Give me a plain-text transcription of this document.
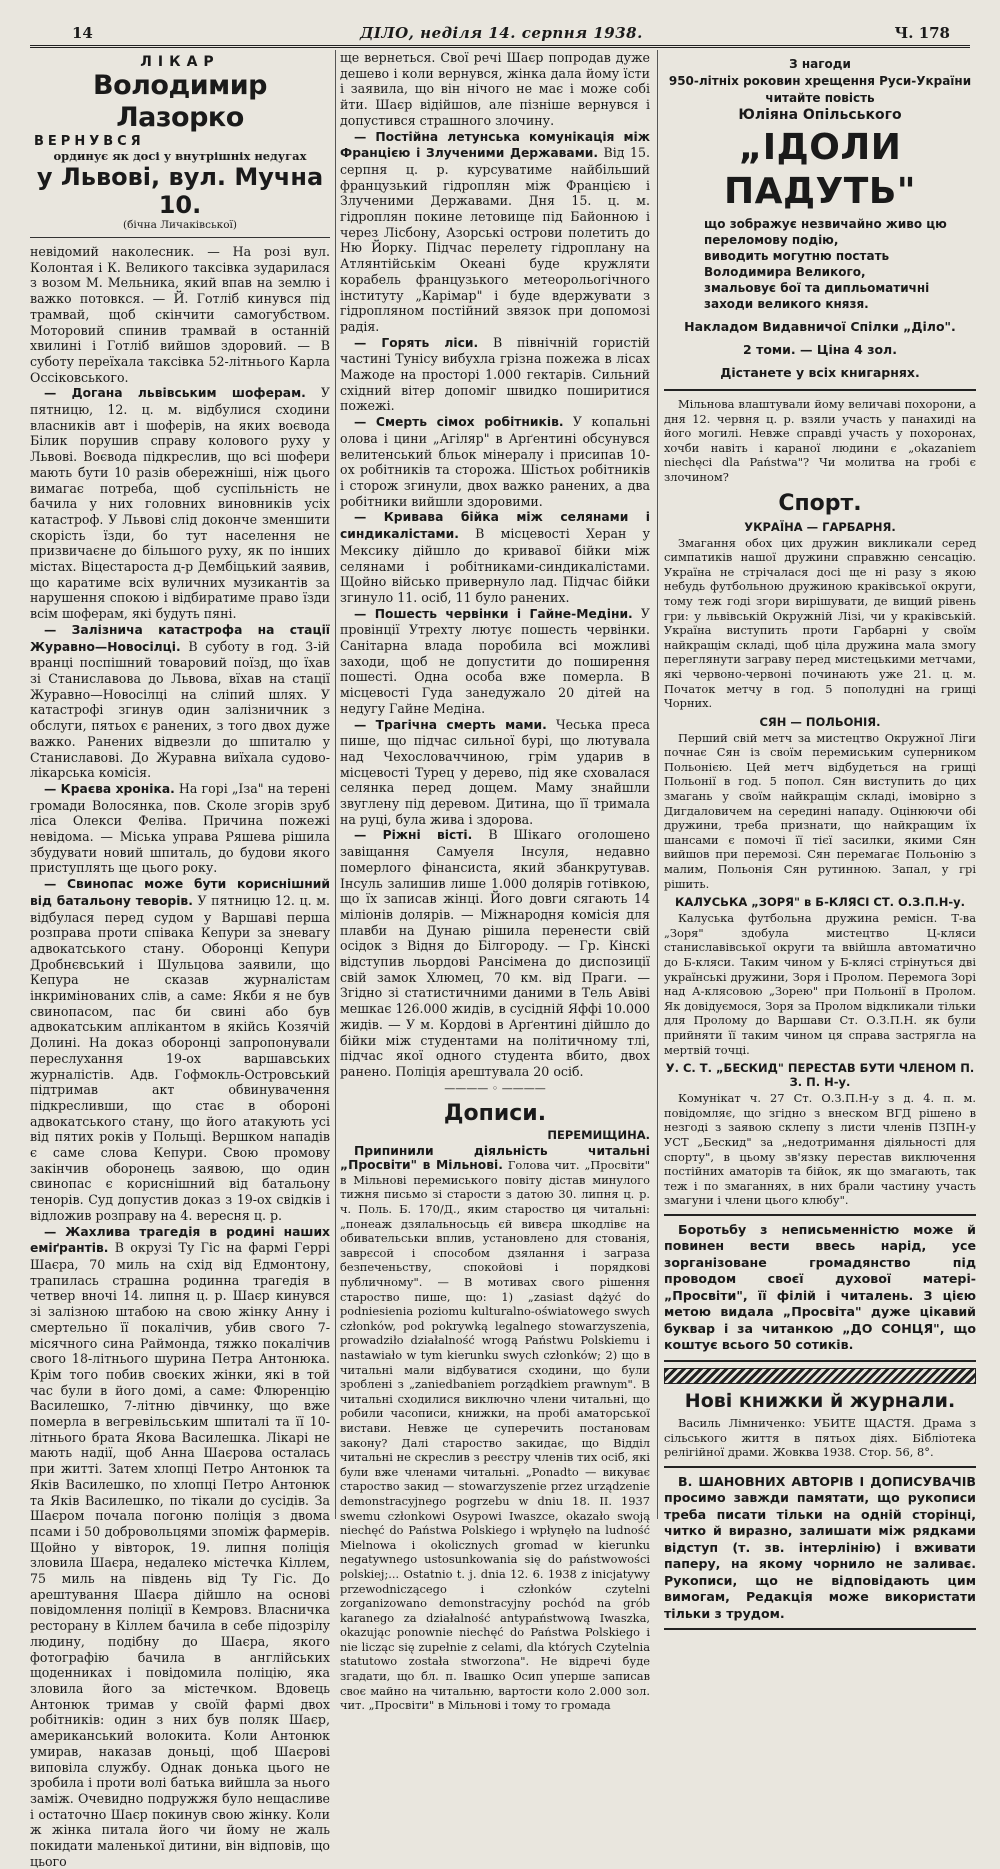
14	ДІЛО, неділя 14. серпня 1938.	Ч. 178
ЛІКАР
Володимир Лазорко
ВЕРНУВСЯ
ординує як досі у внутрішніх недугах
у Львові, вул. Мучна 10.
(бічна Личаківської)

невідомий наколесник. — На розі вул. Колонтая і К. Великого таксівка зударилася з возом М. Мельника, який впав на землю і важко потовкся. — Й. Готліб кинувся під трамвай, щоб скінчити самогубством. Моторовий спинив трамвай в останній хвилині і Готліб вийшов здоровий. — В суботу переїхала таксівка 52-літнього Карла Оссіковського.

— Догана львівським шоферам. У пятницю, 12. ц. м. відбулися сходини власників авт і шоферів, на яких воєвода Білик порушив справу колового руху у Львові. Воєвода підкреслив, що всі шофери мають бути 10 разів обережніші, ніж цього вимагає потреба, щоб суспільність не бачила у них головних виновників усіх катастроф. У Львові слід доконче зменшити скорість їзди, бо тут населення не призвичаєне до більшого руху, як по інших містах. Віцестароста д-р Дембіцький заявив, що каратиме всіх вуличних музикантів за нарушення спокою і відбиратиме право їзди всім шоферам, які будуть пяні.

— Залізнича катастрофа на стації Журавно—Новосілці. В суботу в год. 3-ій вранці поспішний товаровий поїзд, що їхав зі Станиславова до Львова, вїхав на стації Журавно—Новосілці на сліпий шлях. У катастрофі згинув один залізничник з обслуги, пятьох є ранених, з того двох дуже важко. Ранених відвезли до шпиталю у Станиславові. До Журавна виїхала судово-лікарська комісія.

— Краєва хроніка. На горі „Іза" на терені громади Волосянка, пов. Сколе згорів зруб ліса Олекси Феліва. Причина пожежі невідома. — Міська управа Ряшева рішила збудувати новий шпиталь, до будови якого приступлять ще цього року.

— Свинопас може бути кориснішний від батальону теворів. У пятницю 12. ц. м. відбулася перед судом у Варшаві перша розправа проти співака Кепури за зневагу адвокатського стану. Оборонці Кепури Дробнєвський і Шульцова заявили, що Кепура не сказав журналістам інкримінованих слів, а саме: Якби я не був свинопасом, пас би свині або був адвокатським аплікантом в якійсь Козячій Долині. На доказ оборонці запропонували переслухання 19-ох варшавських журналістів. Адв. Гофмокль-Островський підтримав акт обвинувачення підкресливши, що стає в обороні адвокатського стану, що його атакують усі від пятих років у Польщі. Вершком нападів є саме слова Кепури. Свою промову закінчив оборонець заявою, що один свинопас є кориснішний від батальону тенорів. Суд допустив доказ з 19-ох свідків і відложив розправу на 4. вересня ц. р.

— Жахлива трагедія в родині наших еміґрантів. В окрузі Ту Гіс на фармі Геррі Шаєра, 70 миль на схід від Едмонтону, трапилась страшна родинна трагедія в четвер вночі 14. липня ц. р. Шаєр кинувся зі залізною штабою на свою жінку Анну і смертельно її покалічив, убив свого 7-місячного сина Раймонда, тяжко покалічив свого 18-літнього шурина Петра Антонюка. Крім того побив своєких жінки, які в той час були в його домі, а саме: Флюренцію Василешко, 7-літню дівчинку, що вже померла в вегревільським шпиталі та її 10-літнього брата Якова Василешка. Лікарі не мають надії, щоб Анна Шаєрова осталась при житті. Затем хлопці Петро Антонюк та Яків Василешко, по хлопці Петро Антонюк та Яків Василешко, по тікали до сусідів. За Шаєром почала погоню поліція з двома псами і 50 добровольцями зпоміж фармерів. Щойно у вівторок, 19. липня поліція зловила Шаєра, недалеко містечка Кіллем, 75 миль на південь від Ту Гіс. До арештування Шаєра дійшло на основі повідомлення поліції в Кемровз. Власничка ресторану в Кіллем бачила в себе підозрілу людину, подібну до Шаєра, якого фотографію бачила в англійських щоденниках і повідомила поліцію, яка зловила його за містечком. Вдовець Антонюк тримав у своїй фармі двох робітників: один з них був поляк Шаєр, американський волокита. Коли Антонюк умирав, наказав доньці, щоб Шаєрові виповіла службу. Однак донька цього не зробила і проти волі батька вийшла за нього заміж. Очевидно подружжя було нещасливе і остаточно Шаєр покинув свою жінку. Коли ж жінка питала його чи йому не жаль покидати маленької дитини, він відповів, що цього

ще вернеться. Свої речі Шаєр попродав дуже дешево і коли вернувся, жінка дала йому їсти і заявила, що він нічого не має і може собі йти. Шаєр відійшов, але пізніше вернувся і допустився страшного злочину.

— Постійна летунська комунікація між Францією і Злученими Державами. Від 15. серпня ц. р. курсуватиме найбільший французький гідроплян між Францією і Злученими Державами. Дня 15. ц. м. гідроплян покине летовище під Байонною і через Лісбону, Азорські острови полетить до Ню Йорку. Підчас перелету гідроплану на Атлянтійськім Океані буде кружляти корабель французького метеорольогічного інституту „Карімар" і буде вдержувати з гідропляном постійний звязок при допомозі радія.

— Горять ліси. В північній гористій частині Тунісу вибухла грізна пожежа в лісах Мажоде на просторі 1.000 гектарів. Сильний східний вітер допоміг швидко поширитися пожежі.

— Смерть сімох робітників. У копальні олова і цини „Агіляр" в Арґентині обсунувся велитенський бльок мінералу і присипав 10-ох робітників та сторожа. Шістьох робітників і сторож згинули, двох важко ранених, а два робітники вийшли здоровими.

— Кривава бійка між селянами і синдикалістами. В місцевості Херан у Мексику дійшло до кривавої бійки між селянами і робітниками-синдикалістами. Щойно військо привернуло лад. Підчас бійки згинуло 11. осіб, 11 було ранених.

— Пошесть червінки і Гайне-Медіни. У провінції Утрехту лютує пошесть червінки. Санітарна влада поробила всі можливі заходи, щоб не допустити до поширення пошесті. Одна особа вже померла. В місцевості Гуда занедужало 20 дітей на недугу Гайне Медіна.

— Трагічна смерть мами. Чеська преса пише, що підчас сильної бурі, що лютувала над Чехословаччиною, грім ударив в місцевості Турец у дерево, під яке сховалася селянка перед дощем. Маму знайшли звуглену під деревом. Дитина, що її тримала на руці, була жива і здорова.

— Ріжні вісті. В Шікаго оголошено завіщання Самуеля Інсуля, недавно померлого фінансиста, який збанкрутував. Інсуль залишив лише 1.000 долярів готівкою, що їх записав жінці. Його довги сягають 14 міліонів долярів. — Міжнародня комісія для плавби на Дунаю рішила перенести свій осідок з Відня до Білгороду. — Гр. Кінскі відступив льордові Рансімена до диспозиції свій замок Хлюмец, 70 км. від Праги. — Згідно зі статистичними даними в Тель Авіві мешкає 126.000 жидів, в сусідній Яффі 10.000 жидів. — У м. Кордові в Арґентині дійшло до бійки між студентами на політичному тлі, підчас якої одного студента вбито, двох ранено. Поліція арештувала 20 осіб.

———— ◦ ————
Дописи.
ПЕРЕМИЩИНА.

Припинили діяльність читальні „Просвіти" в Мільнові. Голова чит. „Просвіти" в Мільнові перемиського повіту дістав минулого тижня письмо зі старости з датою 30. липня ц. р. ч. Поль. Б. 170/Д., яким староство ця читальні: „понеаж дзялальносьць єй вивєра шкодлівє на обивательськи вплив, установлено для стованія, заврєсой і способом дзялання і заграза безпеченьству, спокойові і порядкові публичному". — В мотивах свого рішення староство пише, що: 1) „zasiast dążyć do podniesienia poziomu kulturalno-oświatowego swych członków, pod pokrywką legalnego stowarzyszenia, prowadziło działalność wrogą Państwu Polskiemu i nastawiało w tym kierunku swych członków; 2) що в читальні мали відбуватися сходини, що були зроблені з „zaniedbaniem porządkiem prawnym". В читальні сходилися виключно члени читальні, що робили часописи, книжки, на пробі аматорської вистави. Невже це суперечить постановам закону? Далі староство закидає, що Відділ читальні не скреслив з реєстру членів тих осіб, які були вже членами читальні. „Ponadto — викуває староство закид — stowarzyszenie przez urządzenie demonstracyjnego pogrzebu w dniu 18. II. 1937 swemu członkowi Osypowi Iwaszce, okazało swoją niechęć do Państwa Polskiego i wpłynęło na ludność Mielnowa i okolicznych gromad w kierunku negatywnego ustosunkowania się do państwowości polskiej;... Ostatnio t. j. dnia 12. 6. 1938 z inicjatywy przewodniczącego i członków czytelni zorganizowano demonstracyjny pochód na grób karanego za działalność antypaństwową Iwaszka, okazując ponownie niechęć do Państwa Polskiego i nie licząc się zupełnie z celami, dla których Czytelnia statutowo została stworzona". Не відречі буде згадати, що бл. п. Івашко Осип уперше записав своє майно на читальню, вартости коло 2.000 зол. чит. „Просвіти" в Мільнові і тому то громада

З нагоди
950-літніх роковин хрещення Руси-України
читайте повість
Юліяна Опільського
„ІДОЛИ ПАДУТЬ"
що зображує незвичайно живо цю переломову подію,
виводить могутню постать Володимира Великого,
змальовує бої та дипльоматичні заходи великого князя.
Накладом Видавничої Спілки „Діло".
2 томи. — Ціна 4 зол.
Дістанете у всіх книгарнях.

Мільнова влаштували йому величаві похорони, а дня 12. червня ц. р. взяли участь у панахиді на його могилі. Невже справді участь у похоронах, хочби навіть і караної людини є „okazaniem niechęci dla Państwa"? Чи молитва на гробі є злочином?

Спорт.
УКРАЇНА — ГАРБАРНЯ.

Змагання обох цих дружин викликали серед симпатиків нашої дружини справжню сенсацію. Україна не стрічалася досі ще ні разу з якою небудь футбольною дружиною краківської округи, тому теж годі згори вирішувати, де вищий рівень гри: у львівській Окружній Лізі, чи у краківській. Україна виступить проти Гарбарні у своїм найкращім складі, щоб ціла дружина мала змогу переглянути заграву перед мистецькими метчами, які червоно-червоні починають уже 21. ц. м. Початок метчу в год. 5 пополудні на грищі Чорних.

СЯН — ПОЛЬОНІЯ.

Перший свій метч за мистецтво Окружної Ліги почнає Сян із своїм перемиським суперником Польонією. Цей метч відбудеться на грищі Польонії в год. 5 попол. Сян виступить до цих змагань у своїм найкращім складі, імовірно з Дигдаловичем на середині нападу. Оцінюючи обі дружини, треба признати, що найкращим їх шансами є помочі її тієї засилки, якими Сян вийшов при перемозі. Сян перемагає Польонію з малим, Польонія Сян рутинною. Запал, у грі рішить.

КАЛУСЬКА „ЗОРЯ" в Б-КЛЯСІ СТ. О.З.П.Н-у.

Калуська футбольна дружина ремісн. Т-ва „Зоря" здобула мистецтво Ц-кляси станиславівської округи та ввійшла автоматично до Б-кляси. Таким чином у Б-клясі стрінуться дві українські дружини, Зоря і Пролом. Перемога Зорі над А-клясовою „Зорею" при Польонії в Пролом. Як довідуємося, Зоря за Пролом відкликали тільки для Пролому до Варшави Ст. О.З.П.Н. як були прийняти її таким чином ця справа застрягла на мертвій точці.

У. С. Т. „БЕСКИД" ПЕРЕСТАВ БУТИ ЧЛЕНОМ П. З. П. Н-у.

Комунікат ч. 27 Ст. О.З.П.Н-у з д. 4. п. м. повідомляє, що згідно з внеском ВГД рішено в незгоді з заявою склепу з листи членів ПЗПН-у УСТ „Бескид" за „недотримання діяльності для спорту", в цьому зв'язку перестав виключення постійних аматорів та бійок, як що змагають, так теж і по змаганнях, в них брали частину участь змагуни і члени цього клюбу".

Боротьбу з неписьменністю може й повинен вести ввесь нарід, усе зорганізоване громадянство під проводом своєї духової матері-„Просвіти", її філій і читалень. З цією метою видала „Просвіта" дуже цікавий буквар і за читанкою „ДО СОНЦЯ", що коштує всього 50 сотиків.

Нові книжки й журнали.

Василь Лімниченко: УБИТЕ ЩАСТЯ. Драма з сільського життя в пятьох діях. Бібліотека релігійної драми. Жовква 1938. Стор. 56, 8°.

В. ШАНОВНИХ АВТОРІВ І ДОПИСУВАЧІВ просимо завжди памятати, що рукописи треба писати тільки на одній сторінці, читко й виразно, залишати між рядками відступ (т. зв. інтерлінію) і вживати паперу, на якому чорнило не заливає. Рукописи, що не відповідають цим вимогам, Редакція може використати тільки з трудом.
